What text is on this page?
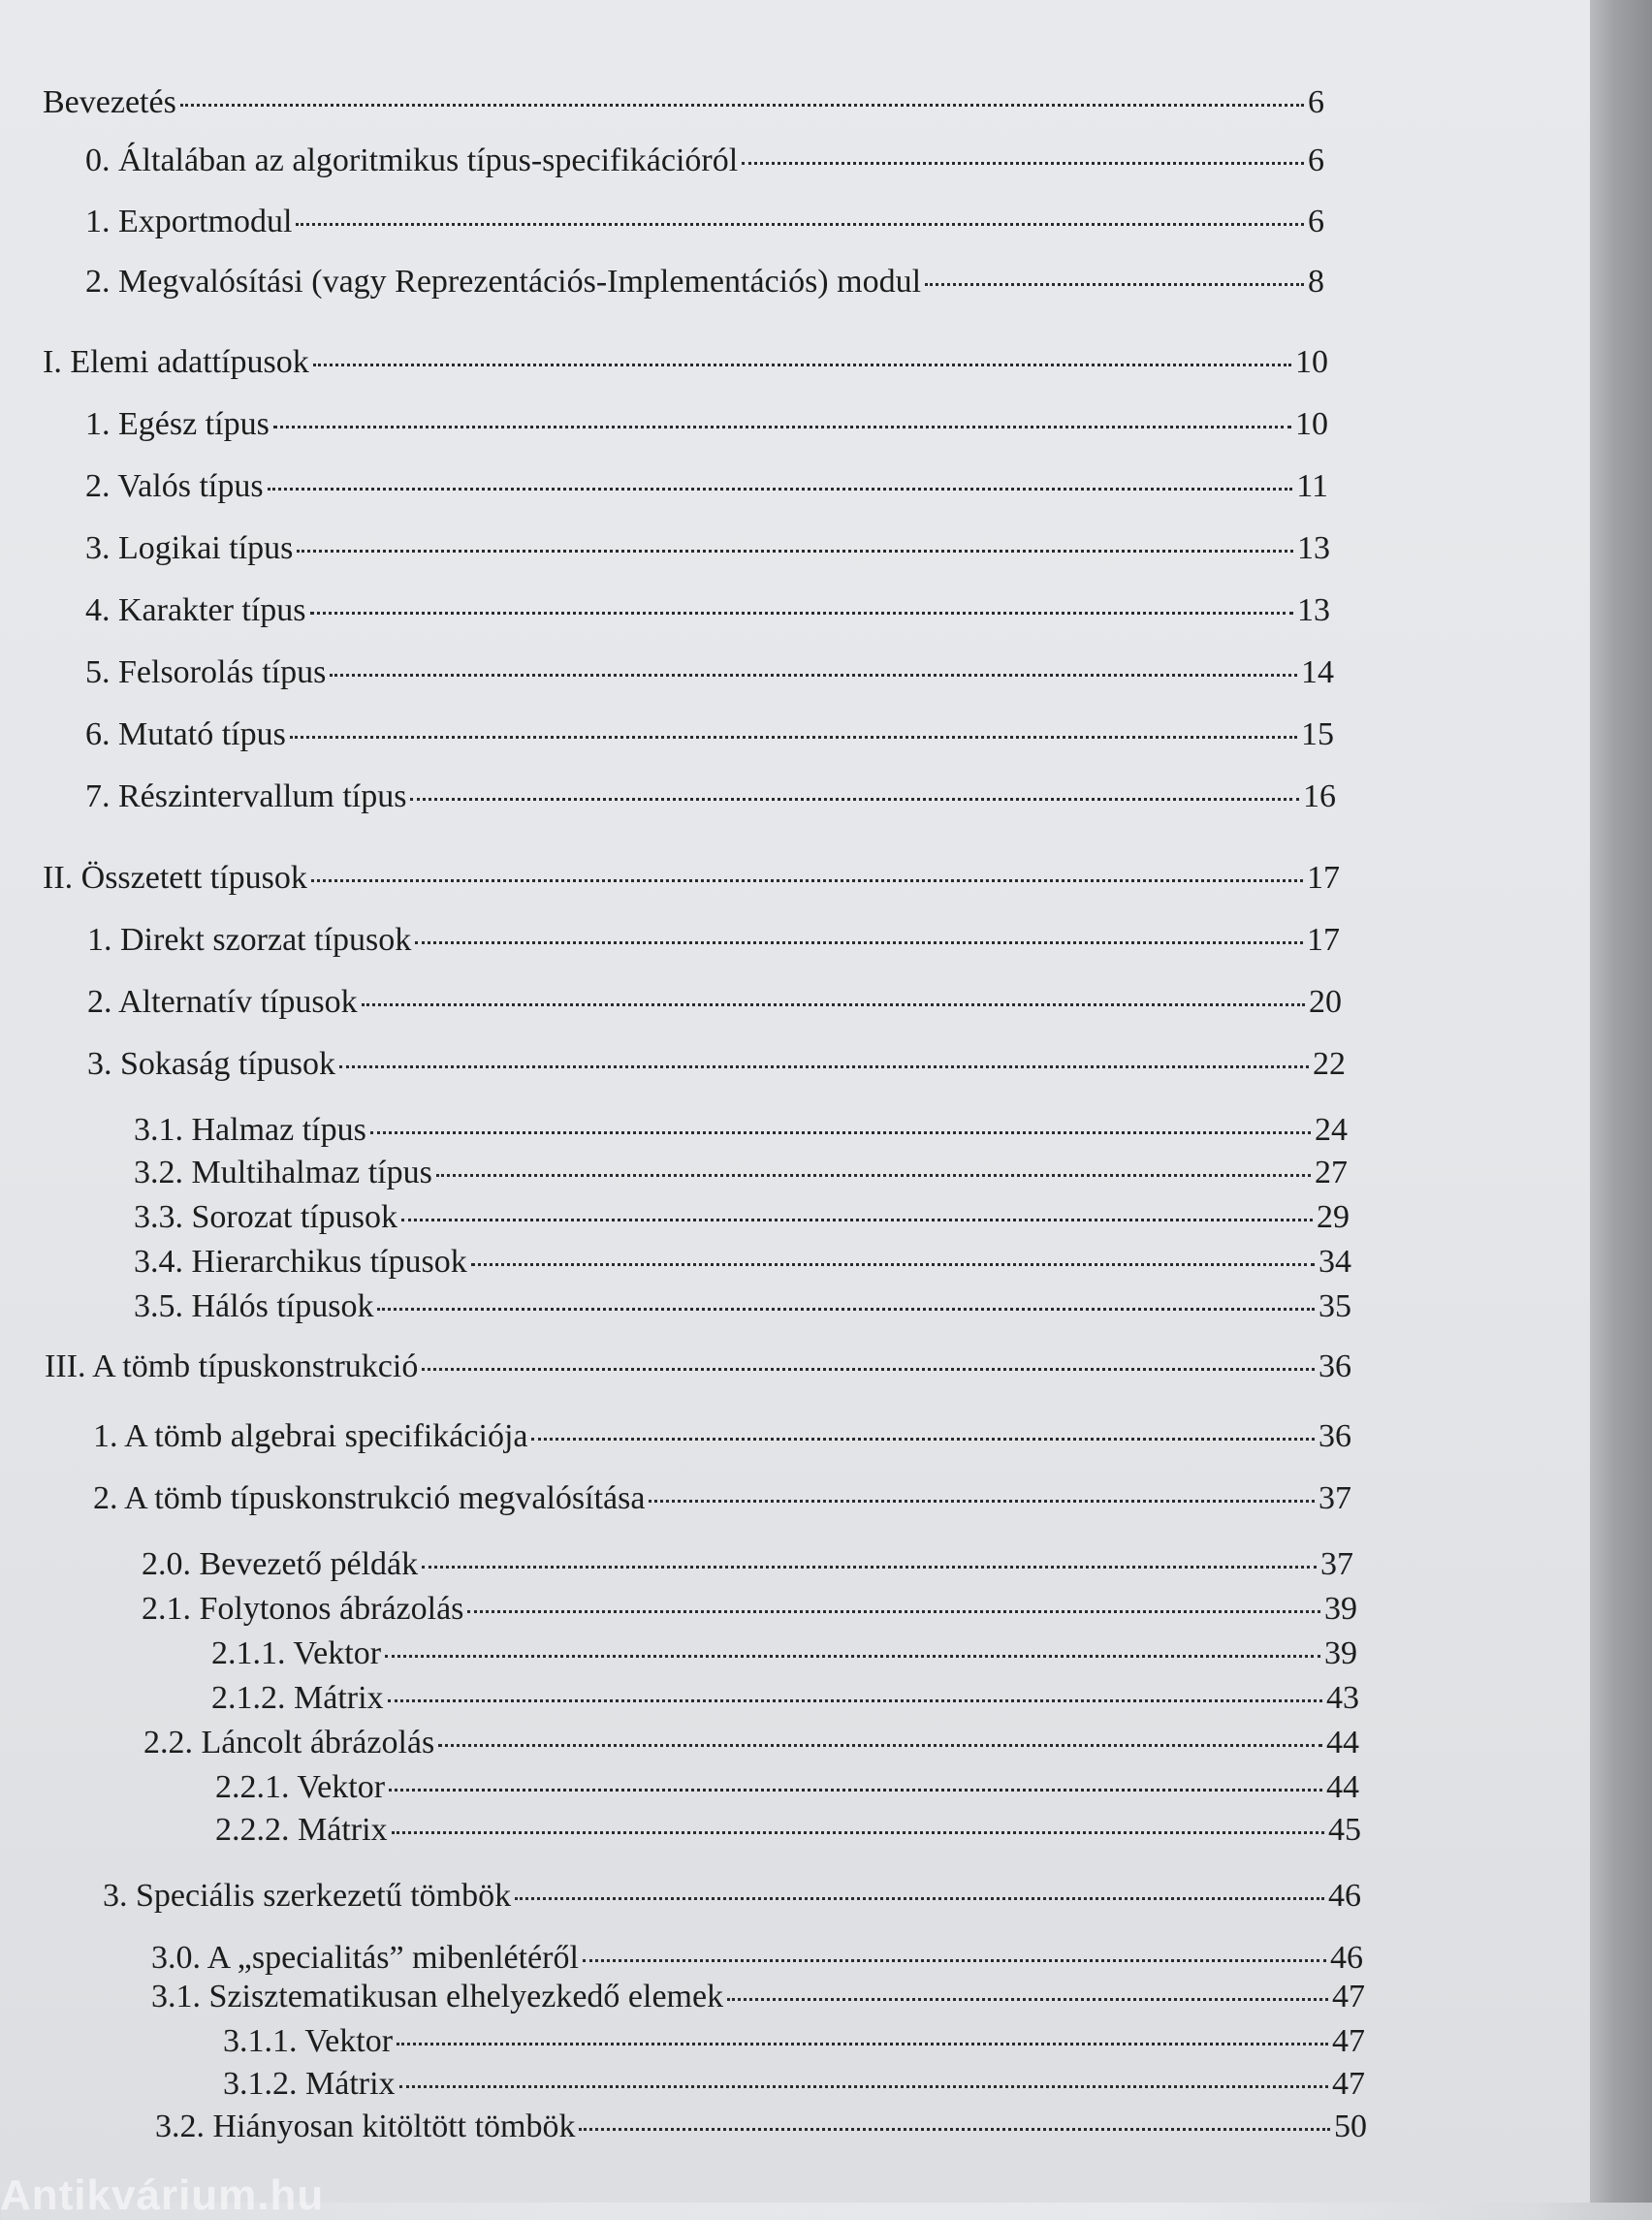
Bevezetés	6
0. Általában az algoritmikus típus-specifikációról	6
1. Exportmodul	6
2. Megvalósítási (vagy Reprezentációs-Implementációs) modul	8
I. Elemi adattípusok	10
1. Egész típus	10
2. Valós típus	11
3. Logikai típus	13
4. Karakter típus	13
5. Felsorolás típus	14
6. Mutató típus	15
7. Részintervallum típus	16
II. Összetett típusok	17
1. Direkt szorzat típusok	17
2. Alternatív típusok	20
3. Sokaság típusok	22
3.1. Halmaz típus	24
3.2. Multihalmaz típus	27
3.3. Sorozat típusok	29
3.4. Hierarchikus típusok	34
3.5. Hálós típusok	35
III. A tömb típuskonstrukció	36
1. A tömb algebrai specifikációja	36
2. A tömb típuskonstrukció megvalósítása	37
2.0. Bevezető példák	37
2.1. Folytonos ábrázolás	39
2.1.1. Vektor	39
2.1.2. Mátrix	43
2.2. Láncolt ábrázolás	44
2.2.1. Vektor	44
2.2.2. Mátrix	45
3. Speciális szerkezetű tömbök	46
3.0. A „specialitás” mibenlétéről	46
3.1. Szisztematikusan elhelyezkedő elemek	47
3.1.1. Vektor	47
3.1.2. Mátrix	47
3.2. Hiányosan kitöltött tömbök	50
Antikvárium.hu
